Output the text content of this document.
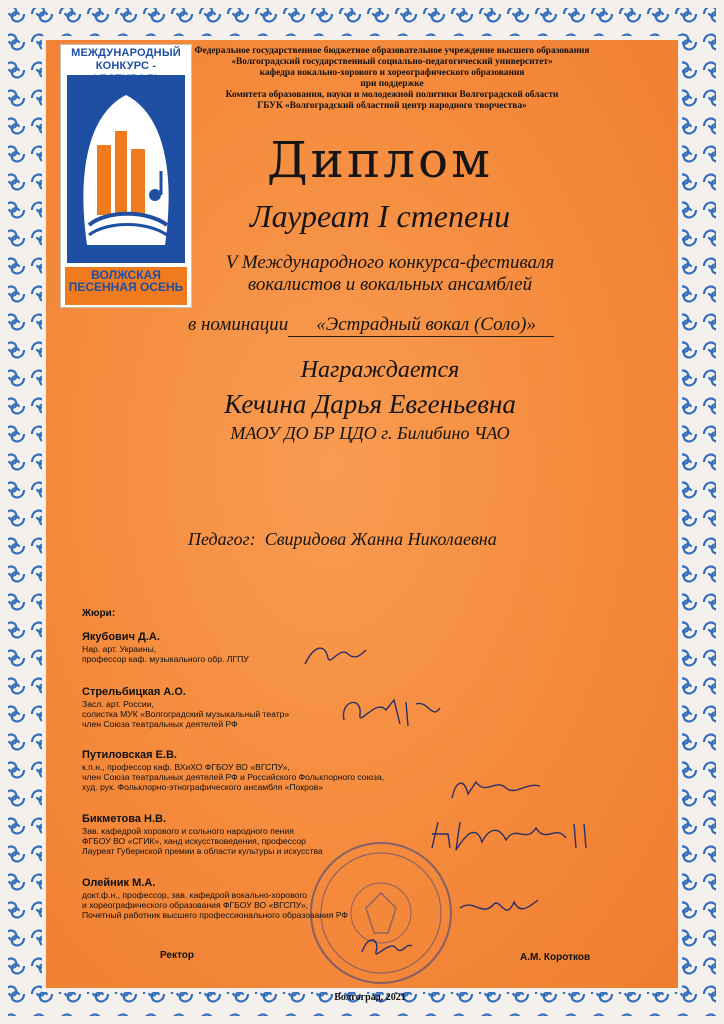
МЕЖДУНАРОДНЫЙ КОНКУРС -
ВОЛЖСКАЯ ПЕСЕННАЯ ОСЕНЬ
Федеральное государственное бюджетное образовательное учреждение высшего образования
«Волгоградский государственный социально-педагогический университет»
кафедра вокально-хорового и хореографического образования
при поддержке
Комитета образования, науки и молодежной политики Волгоградской области
ГБУК «Волгоградский областной центр народного творчества»
Диплом
Лауреат I степени
V Международного конкурса-фестиваля
вокалистов и вокальных ансамблей
в номинации «Эстрадный вокал (Соло)»
Награждается
Кечина Дарья Евгеньевна
МАОУ ДО БР ЦДО г. Билибино ЧАО
Педагог: Свиридова Жанна Николаевна
Жюри:
Якубович Д.А.
Нар. арт. Украины,
профессор каф. музыкального обр. ЛГПУ
Стрельбицкая А.О.
Засл. арт. России,
солистка МУК «Волгоградский музыкальный театр»
член Союза театральных деятелей РФ
Путиловская Е.В.
к.п.н., профессор каф. ВХиХО ФГБОУ ВО «ВГСПУ»,
член Союза театральных деятелей РФ и Российского Фольклорного союза,
худ. рук. Фольклорно-этнографического ансамбля «Покров»
Бикметова Н.В.
Зав. кафедрой хорового и сольного народного пения
ФГБОУ ВО «СГИК», канд искусствоведения, профессор
Лауреат Губернской премии в области культуры и искусства
Олейник М.А.
докт.ф.н., профессор, зав. кафедрой вокально-хорового
и хореографического образования ФГБОУ ВО «ВГСПУ»,
Почетный работник высшего профессионального образования РФ
Ректор	А.М. Коротков
Волгоград, 2021
